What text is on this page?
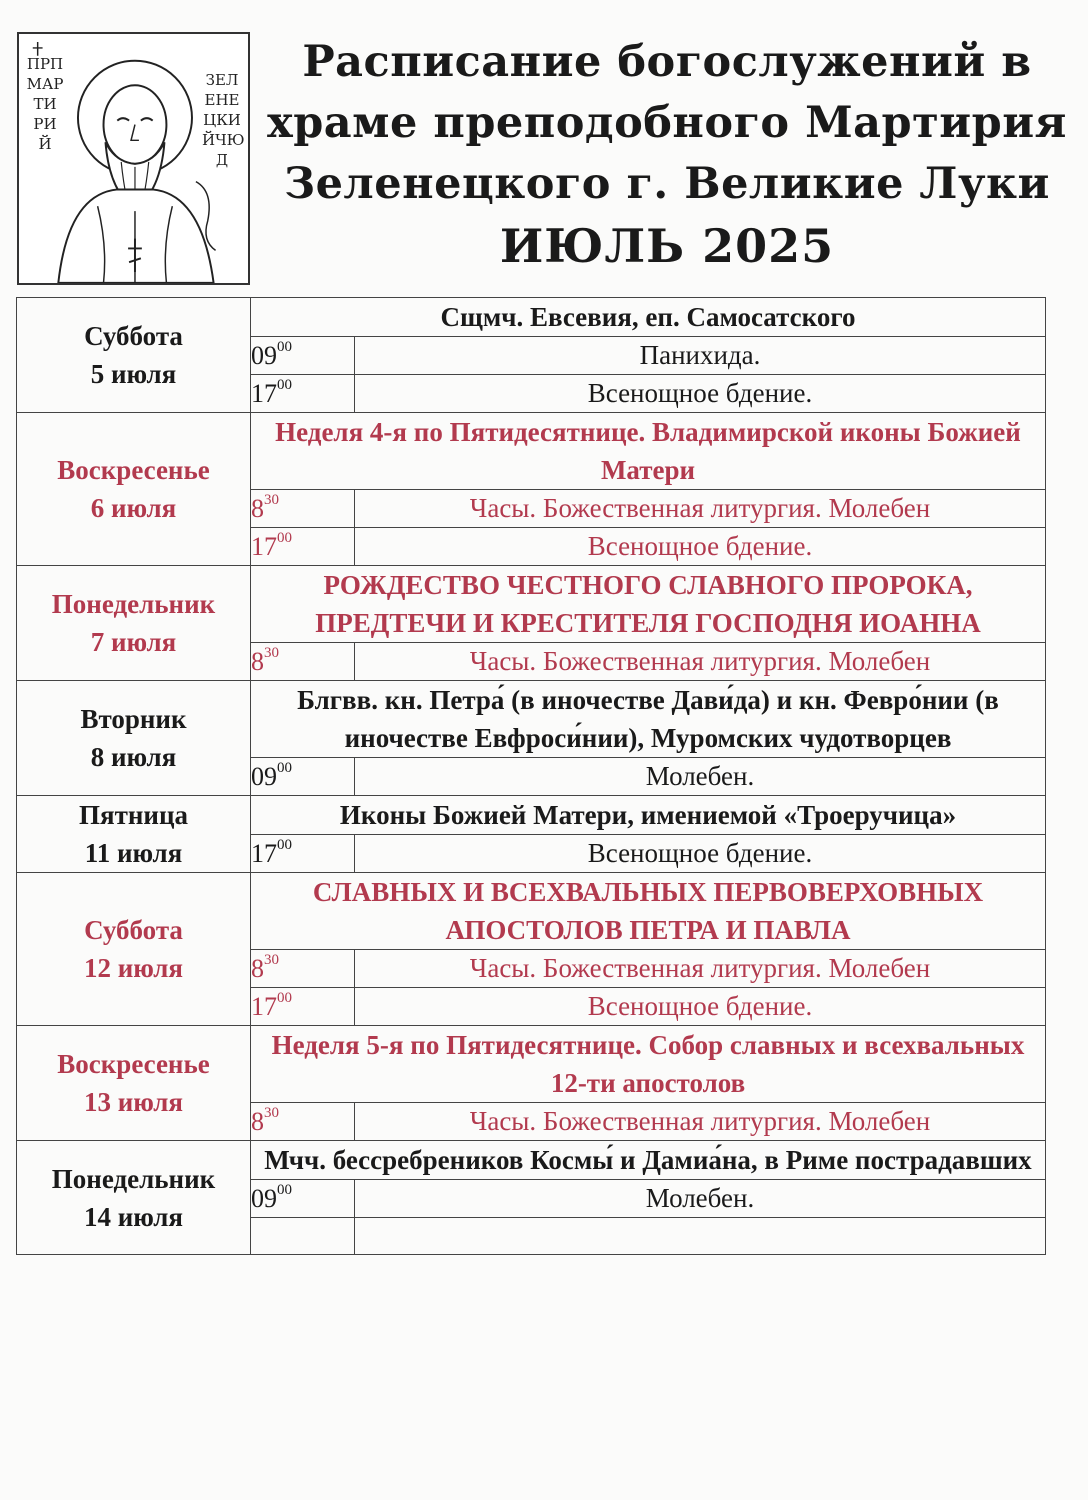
ПРП
МАР
ТИ
РИ
Й
ЗЕЛ
ЕНЕ
ЦКИ
ЙЧЮ
Д
Расписание богослужений в
храме преподобного Мартирия
Зеленецкого г. Великие Луки
ИЮЛЬ 2025
Суббота
5 июля	Сщмч. Евсевия, еп. Самосатского	
	$09^{00}$	Панихида.
	$17^{00}$	Всенощное бдение.

Воскресенье
6 июля	Неделя 4-я по Пятидесятнице. Владимирской иконы Божией Матери	
	$8^{30}$	Часы. Божественная литургия. Молебен
	$17^{00}$	Всенощное бдение.

Понедельник
7 июля	РОЖДЕСТВО ЧЕСТНОГО СЛАВНОГО ПРОРОКА, ПРЕДТЕЧИ И КРЕСТИТЕЛЯ ГОСПОДНЯ ИОАННА	
	$8^{30}$	Часы. Божественная литургия. Молебен

Вторник
8 июля	Блгвв. кн. Петра́ (в иночестве Дави́да) и кн. Февро́нии (в иночестве Евфроси́нии), Муромских чудотворцев	
	$09^{00}$	Молебен.

Пятница
11 июля	Иконы Божией Матери, имениемой «Троеручица»	
	$17^{00}$	Всенощное бдение.

Суббота
12 июля	СЛАВНЫХ И ВСЕХВАЛЬНЫХ ПЕРВОВЕРХОВНЫХ АПОСТОЛОВ ПЕТРА И ПАВЛА	
	$8^{30}$	Часы. Божественная литургия. Молебен
	$17^{00}$	Всенощное бдение.

Воскресенье
13 июля	Неделя 5-я по Пятидесятнице. Собор славных и всехвальных 12-ти апостолов	
	$8^{30}$	Часы. Божественная литургия. Молебен

Понедельник
14 июля	Мчч. бессребреников Космы́ и Дамиа́на, в Риме пострадавших	
	$09^{00}$	Молебен.
